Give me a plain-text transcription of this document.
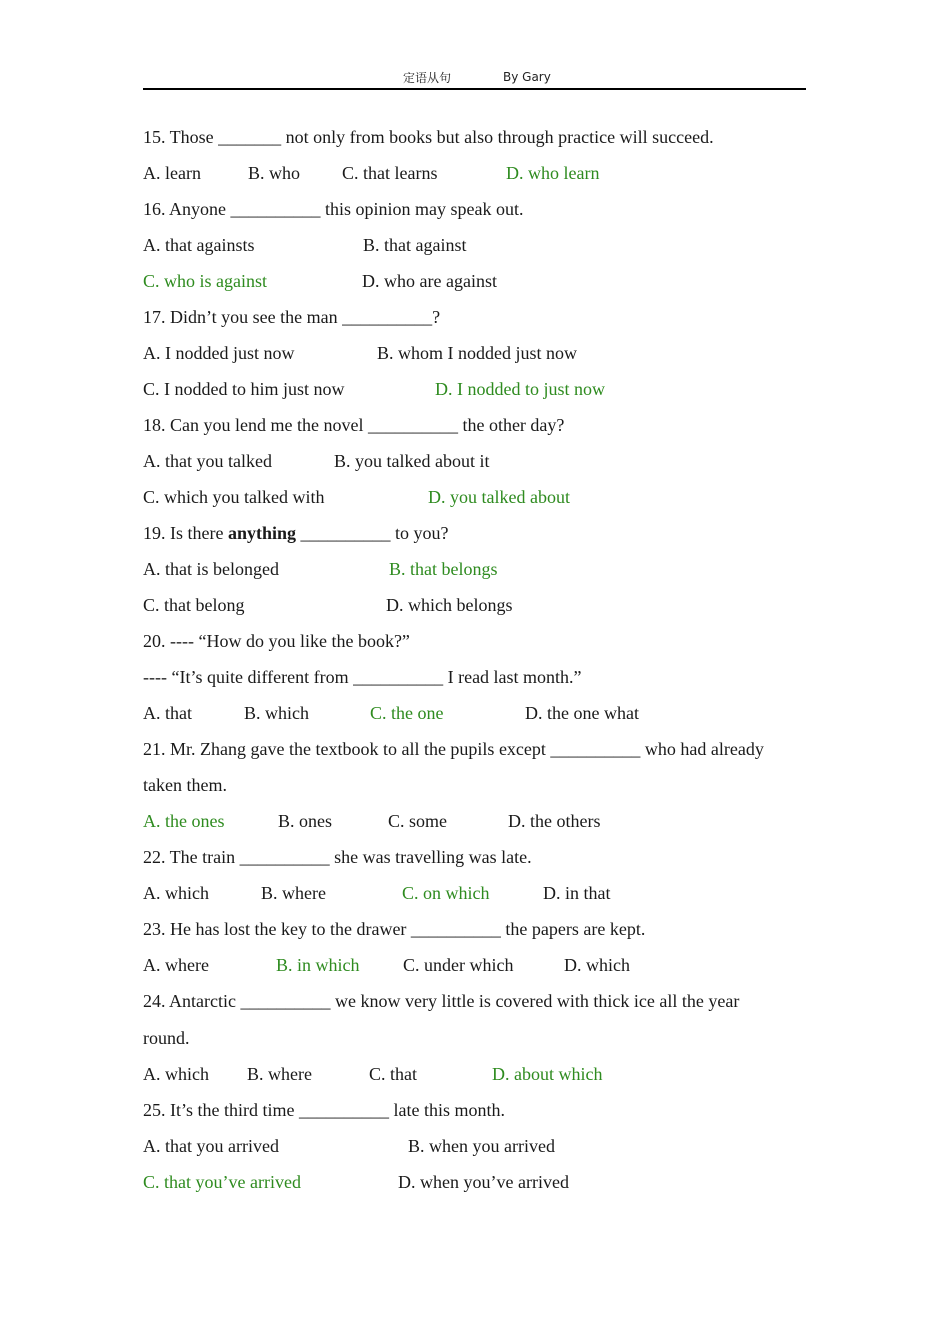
定语从句	By Gary
15. Those _______ not only from books but also through practice will succeed.
A. learn	B. who C. that learns	D. who learn
16. Anyone __________ this opinion may speak out.
A. that againsts	B. that against
C. who is against	D. who are against
17. Didn’t you see the man __________?
A. I nodded just now	B. whom I nodded just now
C. I nodded to him just now	D. I nodded to just now
18. Can you lend me the novel __________ the other day?
A. that you talked	B. you talked about it
C. which you talked with	D. you talked about
19. Is there anything __________ to you?
A. that is belonged	B. that belongs
C. that belong	D. which belongs
20. ---- “How do you like the book?”
---- “It’s quite different from __________ I read last month.”
A. that	B. which	C. the one	D. the one what
21. Mr. Zhang gave the textbook to all the pupils except __________ who had already
taken them.
A. the ones	B. ones	C. some	D. the others
22. The train __________ she was travelling was late.
A. which	B. where	C. on which	D. in that
23. He has lost the key to the drawer __________ the papers are kept.
A. where	B. in which C. under which	D. which
24. Antarctic __________ we know very little is covered with thick ice all the year
round.
A. which B. where	C. that	D. about which
25. It’s the third time __________ late this month.
A. that you arrived	B. when you arrived
C. that you’ve arrived	D. when you’ve arrived
